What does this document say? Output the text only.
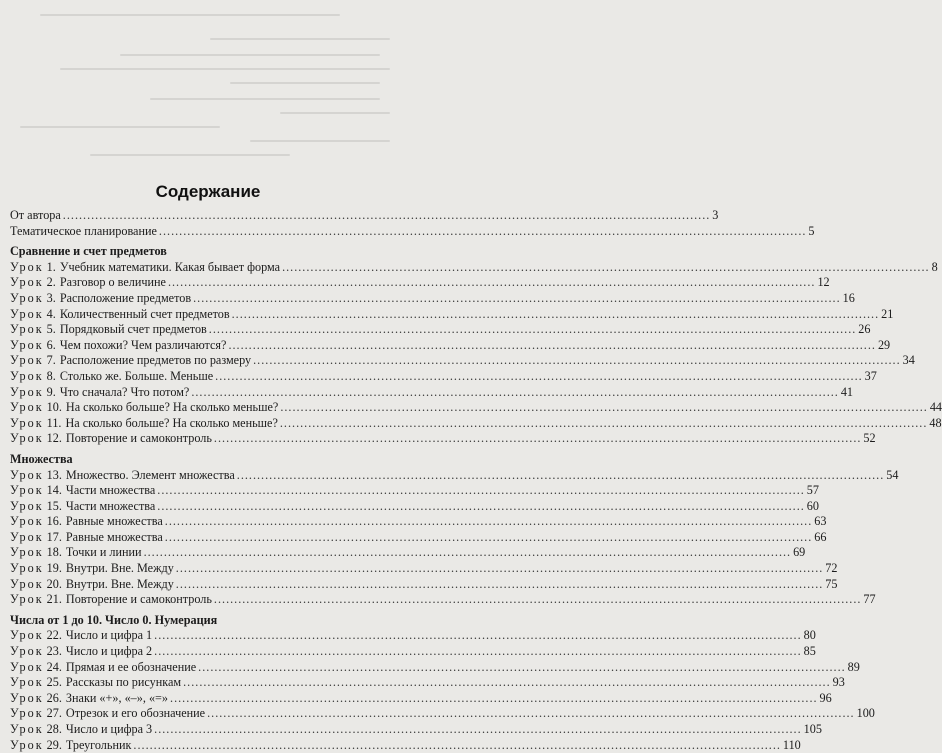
Содержание
От автора ................................................................................................................................................................ 3
Тематическое планирование ................................................................................................................................................................ 5
Сравнение и счет предметов
Урок 1. Учебник математики. Какая бывает форма ................................................................................................................................................................ 8
Урок 2. Разговор о величине ................................................................................................................................................................ 12
Урок 3. Расположение предметов ................................................................................................................................................................ 16
Урок 4. Количественный счет предметов ................................................................................................................................................................ 21
Урок 5. Порядковый счет предметов ................................................................................................................................................................ 26
Урок 6. Чем похожи? Чем различаются? ................................................................................................................................................................ 29
Урок 7. Расположение предметов по размеру ................................................................................................................................................................ 34
Урок 8. Столько же. Больше. Меньше ................................................................................................................................................................ 37
Урок 9. Что сначала? Что потом? ................................................................................................................................................................ 41
Урок 10. На сколько больше? На сколько меньше? ................................................................................................................................................................ 44
Урок 11. На сколько больше? На сколько меньше? ................................................................................................................................................................ 48
Урок 12. Повторение и самоконтроль ................................................................................................................................................................ 52
Множества
Урок 13. Множество. Элемент множества ................................................................................................................................................................ 54
Урок 14. Части множества ................................................................................................................................................................ 57
Урок 15. Части множества ................................................................................................................................................................ 60
Урок 16. Равные множества ................................................................................................................................................................ 63
Урок 17. Равные множества ................................................................................................................................................................ 66
Урок 18. Точки и линии ................................................................................................................................................................ 69
Урок 19. Внутри. Вне. Между ................................................................................................................................................................ 72
Урок 20. Внутри. Вне. Между ................................................................................................................................................................ 75
Урок 21. Повторение и самоконтроль ................................................................................................................................................................ 77
Числа от 1 до 10. Число 0. Нумерация
Урок 22. Число и цифра 1 ................................................................................................................................................................ 80
Урок 23. Число и цифра 2 ................................................................................................................................................................ 85
Урок 24. Прямая и ее обозначение ................................................................................................................................................................ 89
Урок 25. Рассказы по рисункам ................................................................................................................................................................ 93
Урок 26. Знаки «+», «–», «=» ................................................................................................................................................................ 96
Урок 27. Отрезок и его обозначение ................................................................................................................................................................ 100
Урок 28. Число и цифра 3 ................................................................................................................................................................ 105
Урок 29. Треугольник ................................................................................................................................................................ 110
